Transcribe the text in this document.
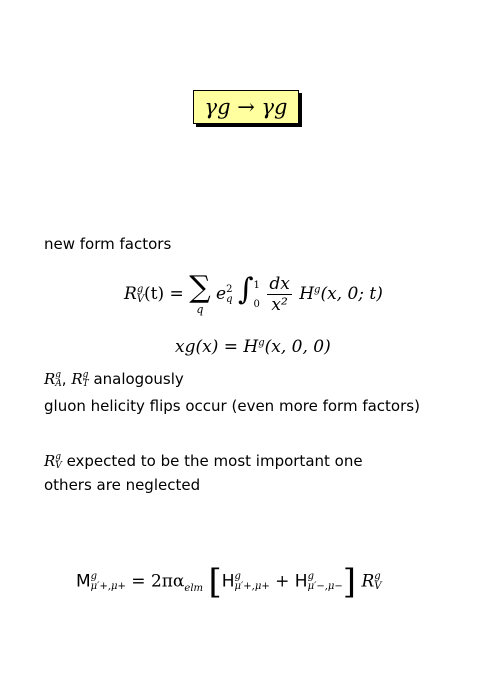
γg → γg
new form factors
R g
V (t) = ∑
q
e 2
q ∫ 1
0
$\frac{dx}{\text{x²}} H^g(x$, 0; t)
$xg(x) = H^g(x$, 0, 0)
R g
A , R g
T analogously
gluon helicity flips occur (even more form factors)
R g
V expected to be the most important one
others are neglected
M g
$\mu'+,\mu+ = 2\pi\alpha_{elm}$ [H g
μ′+,μ+ + H g
μ′−,μ− ] R g
V
